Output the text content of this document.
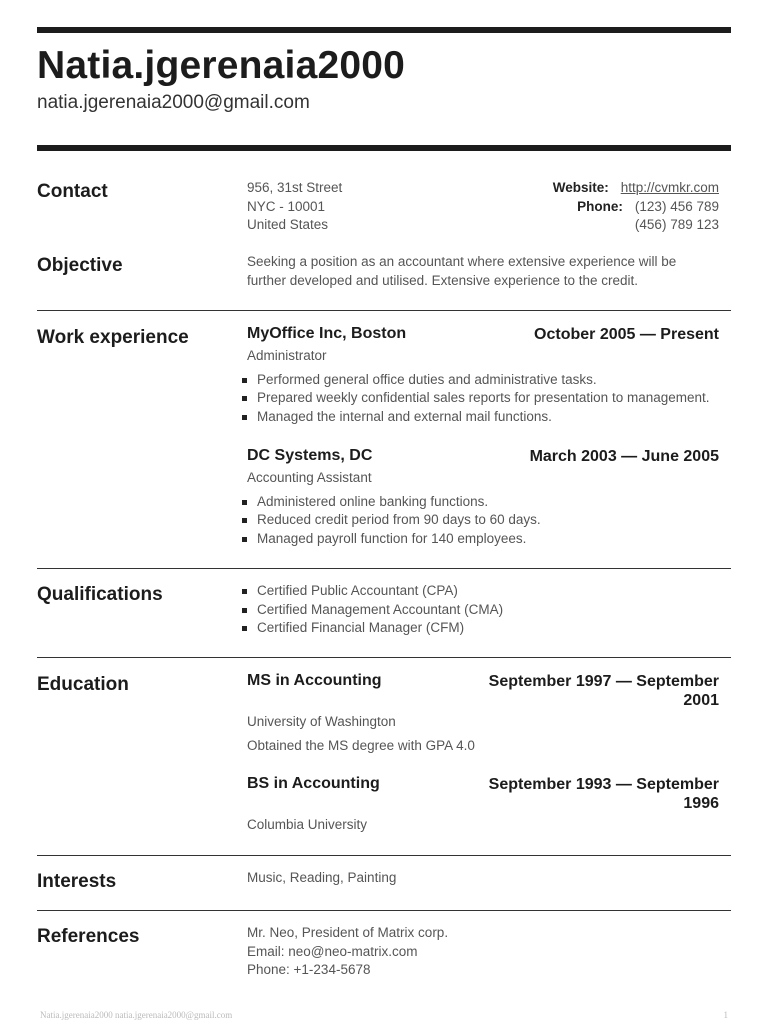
Natia.jgerenaia2000
natia.jgerenaia2000@gmail.com
Contact	956, 31st Street
NYC - 10001
United States
Website: http://cvmkr.com
Phone: (123) 456 789
(456) 789 123
Objective	Seeking a position as an accountant where extensive experience will be
further developed and utilised. Extensive experience to the credit.
Work experience	MyOffice Inc, Boston	October 2005 — Present
Administrator
Performed general office duties and administrative tasks.
Prepared weekly confidential sales reports for presentation to management.
Managed the internal and external mail functions.
DC Systems, DC	March 2003 — June 2005
Accounting Assistant
Administered online banking functions.
Reduced credit period from 90 days to 60 days.
Managed payroll function for 140 employees.
Qualifications	Certified Public Accountant (CPA)
Certified Management Accountant (CMA)
Certified Financial Manager (CFM)
Education	MS in Accounting	September 1997 — September 2001
University of Washington
Obtained the MS degree with GPA 4.0
BS in Accounting	September 1993 — September 1996
Columbia University
Interests	Music, Reading, Painting
References	Mr. Neo, President of Matrix corp.
Email: neo@neo-matrix.com
Phone: +1-234-5678
Natia.jgerenaia2000 natia.jgerenaia2000@gmail.com	1
